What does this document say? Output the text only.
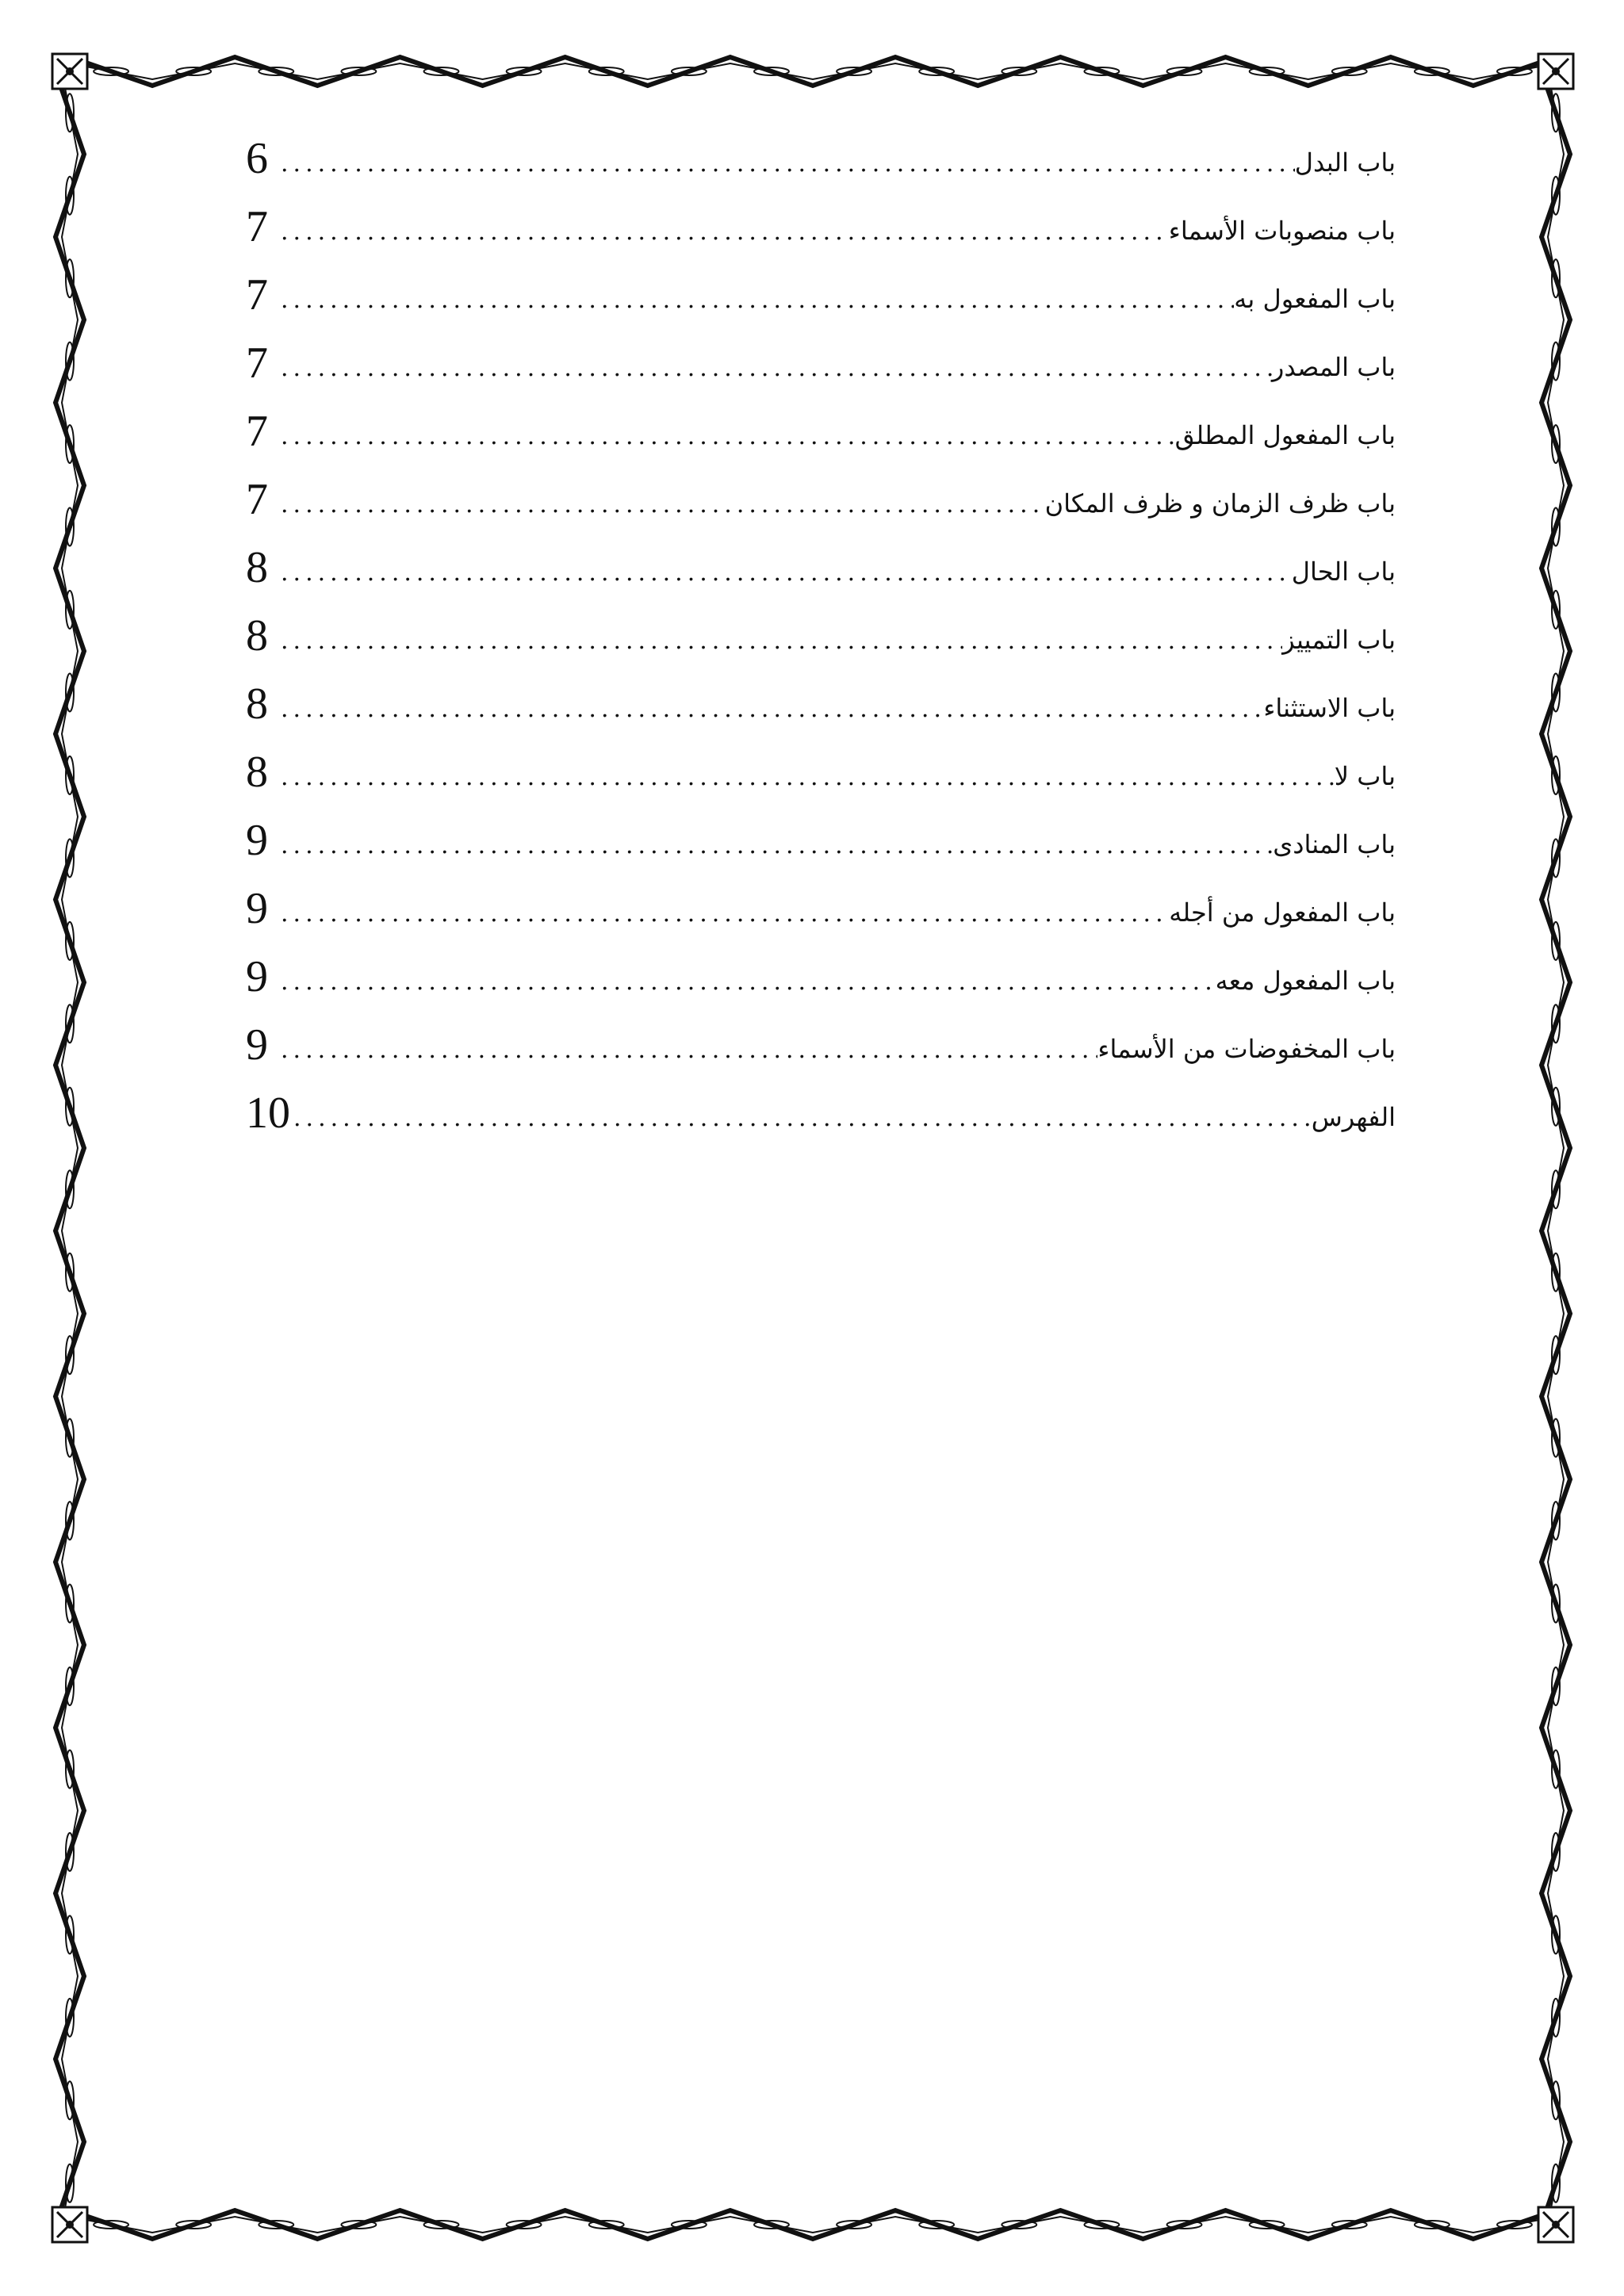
6 .....	باب البدل
7 .....	باب منصوبات الأسماء
7 .....	باب المفعول به
7 .....	باب المصدر
7 .....	باب المفعول المطلق
7 .....	باب ظرف الزمان و ظرف المكان
8 .....	باب الحال
8 .....	باب التمييز
8 .....	باب الاستثناء
8 .....	باب لا
9 .....	باب المنادى
9 .....	باب المفعول من أجله
9 .....	باب المفعول معه
9 .....	باب المخفوضات من الأسماء
10 .....	الفهرس
